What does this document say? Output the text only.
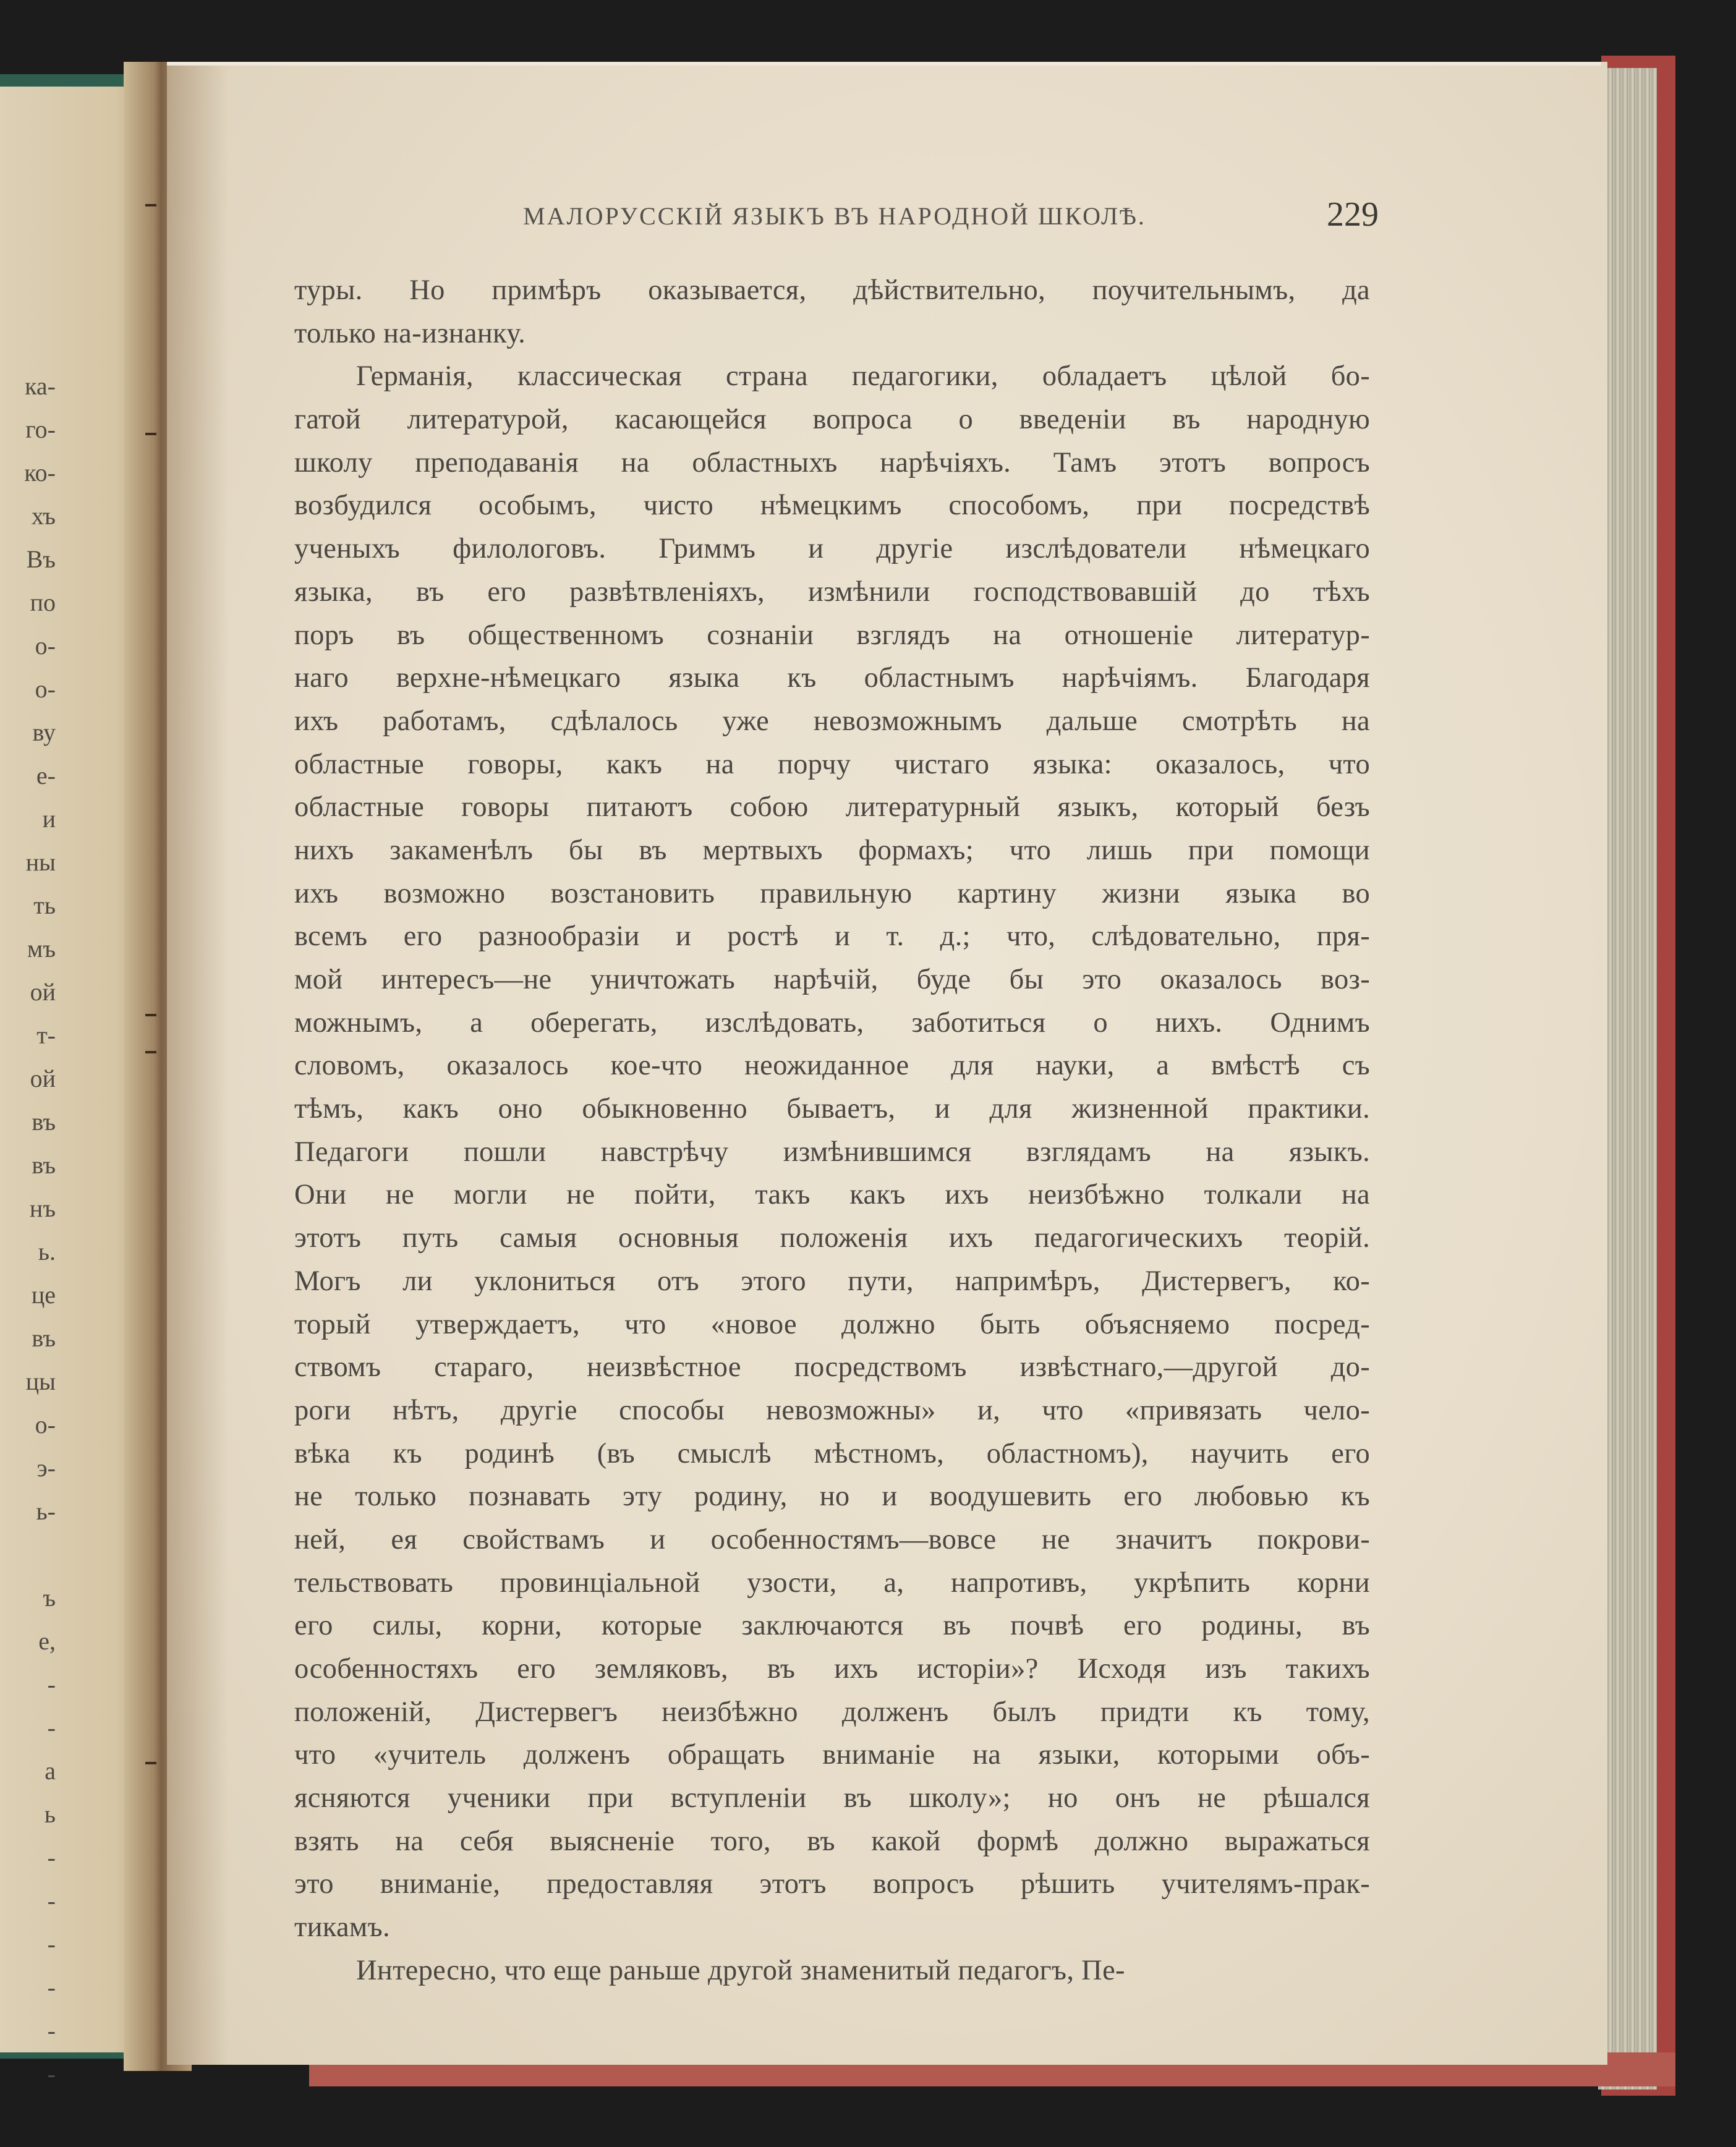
ка-
го-
ко-
хъ
Въ
по
о-
о-
ву
е-
и
ны
ть
мъ
ой
т-
ой
въ
въ
нъ
ь.
це
въ
цы
о-
э-
ь-
ъ
е,
-
-
а
ь
-
-
-
-
-
-
МАЛОРУССКІЙ ЯЗЫКЪ ВЪ НАРОДНОЙ ШКОЛѢ.	229
туры. Но примѣръ оказывается, дѣйствительно, поучительнымъ, да
только на-изнанку.
Германія, классическая страна педагогики, обладаетъ цѣлой бо-
гатой литературой, касающейся вопроса о введеніи въ народную
школу преподаванія на областныхъ нарѣчіяхъ. Тамъ этотъ вопросъ
возбудился особымъ, чисто нѣмецкимъ способомъ, при посредствѣ
ученыхъ филологовъ. Гриммъ и другіе изслѣдователи нѣмецкаго
языка, въ его развѣтвленіяхъ, измѣнили господствовавшій до тѣхъ
поръ въ общественномъ сознаніи взглядъ на отношеніе литератур-
наго верхне-нѣмецкаго языка къ областнымъ нарѣчіямъ. Благодаря
ихъ работамъ, сдѣлалось уже невозможнымъ дальше смотрѣть на
областные говоры, какъ на порчу чистаго языка: оказалось, что
областные говоры питаютъ собою литературный языкъ, который безъ
нихъ закаменѣлъ бы въ мертвыхъ формахъ; что лишь при помощи
ихъ возможно возстановить правильную картину жизни языка во
всемъ его разнообразіи и ростѣ и т. д.; что, слѣдовательно, пря-
мой интересъ—не уничтожать нарѣчій, буде бы это оказалось воз-
можнымъ, а оберегать, изслѣдовать, заботиться о нихъ. Однимъ
словомъ, оказалось кое-что неожиданное для науки, а вмѣстѣ съ
тѣмъ, какъ оно обыкновенно бываетъ, и для жизненной практики.
Педагоги пошли навстрѣчу измѣнившимся взглядамъ на языкъ.
Они не могли не пойти, такъ какъ ихъ неизбѣжно толкали на
этотъ путь самыя основныя положенія ихъ педагогическихъ теорій.
Могъ ли уклониться отъ этого пути, напримѣръ, Дистервегъ, ко-
торый утверждаетъ, что «новое должно быть объясняемо посред-
ствомъ стараго, неизвѣстное посредствомъ извѣстнаго,—другой до-
роги нѣтъ, другіе способы невозможны» и, что «привязать чело-
вѣка къ родинѣ (въ смыслѣ мѣстномъ, областномъ), научить его
не только познавать эту родину, но и воодушевить его любовью къ
ней, ея свойствамъ и особенностямъ—вовсе не значитъ покрови-
тельствовать провинціальной узости, а, напротивъ, укрѣпить корни
его силы, корни, которые заключаются въ почвѣ его родины, въ
особенностяхъ его земляковъ, въ ихъ исторіи»? Исходя изъ такихъ
положеній, Дистервегъ неизбѣжно долженъ былъ придти къ тому,
что «учитель долженъ обращать вниманіе на языки, которыми объ-
ясняются ученики при вступленіи въ школу»; но онъ не рѣшался
взять на себя выясненіе того, въ какой формѣ должно выражаться
это вниманіе, предоставляя этотъ вопросъ рѣшить учителямъ-прак-
тикамъ.
Интересно, что еще раньше другой знаменитый педагогъ, Пе-
